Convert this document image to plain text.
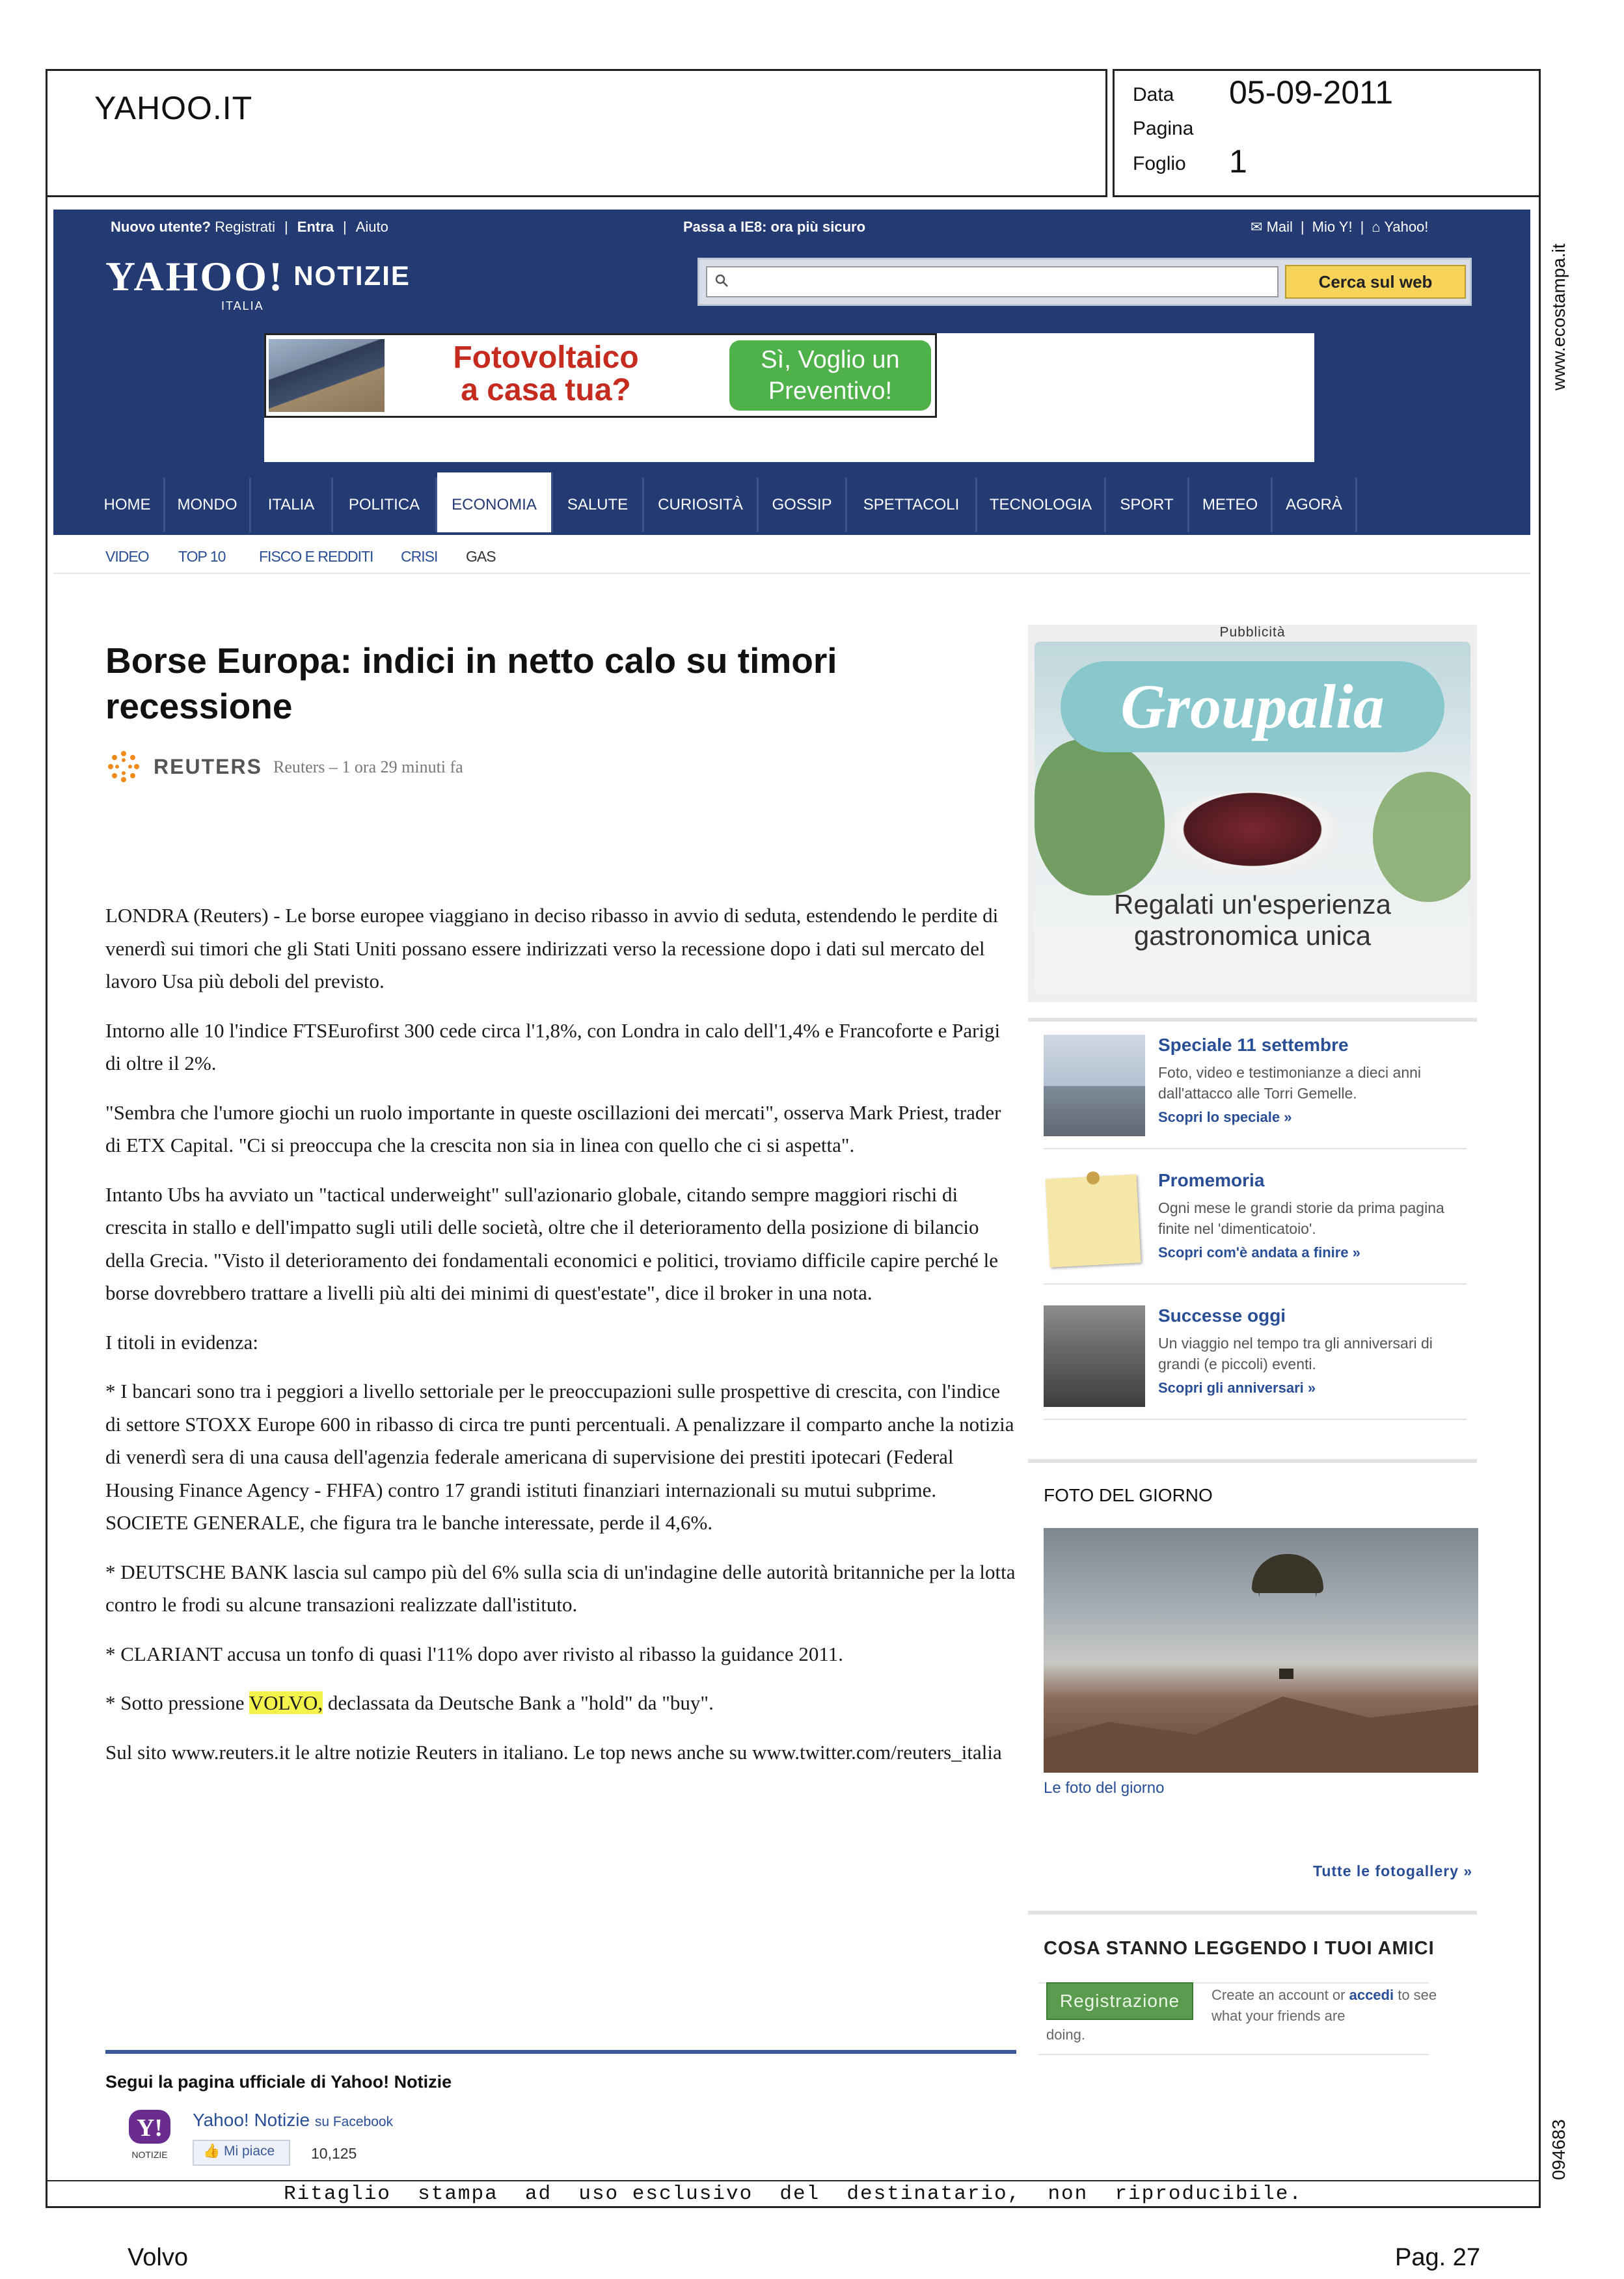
YAHOO.IT	Data 05-09-2011
Pagina
Foglio 1
www.ecostampa.it
094683
Nuovo utente? Registrati | Entra | Aiuto	Passa a IE8: ora più sicuro	✉ Mail | Mio Y! | ⌂ Yahoo!
YAHOO! NOTIZIE
ITALIA
Cerca sul web
Fotovoltaico
a casa tua?
Sì, Voglio un
Preventivo!
HOME	MONDO	ITALIA	POLITICA	ECONOMIA	SALUTE	CURIOSITÀ	GOSSIP	SPETTACOLI	TECNOLOGIA	SPORT	METEO	AGORÀ
VIDEO TOP 10 FISCO E REDDITI CRISI GAS
Borse Europa: indici in netto calo su timori recessione
REUTERS Reuters – 1 ora 29 minuti fa

LONDRA (Reuters) - Le borse europee viaggiano in deciso ribasso in avvio di seduta, estendendo le perdite di venerdì sui timori che gli Stati Uniti possano essere indirizzati verso la recessione dopo i dati sul mercato del lavoro Usa più deboli del previsto.

Intorno alle 10 l'indice FTSEurofirst 300 cede circa l'1,8%, con Londra in calo dell'1,4% e Francoforte e Parigi di oltre il 2%.

"Sembra che l'umore giochi un ruolo importante in queste oscillazioni dei mercati", osserva Mark Priest, trader di ETX Capital. "Ci si preoccupa che la crescita non sia in linea con quello che ci si aspetta".

Intanto Ubs ha avviato un "tactical underweight" sull'azionario globale, citando sempre maggiori rischi di crescita in stallo e dell'impatto sugli utili delle società, oltre che il deterioramento della posizione di bilancio della Grecia. "Visto il deterioramento dei fondamentali economici e politici, troviamo difficile capire perché le borse dovrebbero trattare a livelli più alti dei minimi di quest'estate", dice il broker in una nota.

I titoli in evidenza:

* I bancari sono tra i peggiori a livello settoriale per le preoccupazioni sulle prospettive di crescita, con l'indice di settore STOXX Europe 600 in ribasso di circa tre punti percentuali. A penalizzare il comparto anche la notizia di venerdì sera di una causa dell'agenzia federale americana di supervisione dei prestiti ipotecari (Federal Housing Finance Agency - FHFA) contro 17 grandi istituti finanziari internazionali su mutui subprime. SOCIETE GENERALE, che figura tra le banche interessate, perde il 4,6%.

* DEUTSCHE BANK lascia sul campo più del 6% sulla scia di un'indagine delle autorità britanniche per la lotta contro le frodi su alcune transazioni realizzate dall'istituto.

* CLARIANT accusa un tonfo di quasi l'11% dopo aver rivisto al ribasso la guidance 2011.

* Sotto pressione VOLVO, declassata da Deutsche Bank a "hold" da "buy".

Sul sito www.reuters.it le altre notizie Reuters in italiano. Le top news anche su www.twitter.com/reuters_italia

Segui la pagina ufficiale di Yahoo! Notizie
Y!
NOTIZIE
Yahoo! Notizie su Facebook
👍 Mi piace	10,125
Pubblicità
Groupalia
Regalati un'esperienza
gastronomica unica
Speciale 11 settembre
Foto, video e testimonianze a dieci anni dall'attacco alle Torri Gemelle.
Scopri lo speciale »
Promemoria
Ogni mese le grandi storie da prima pagina finite nel 'dimenticatoio'.
Scopri com'è andata a finire »
Successe oggi
Un viaggio nel tempo tra gli anniversari di grandi (e piccoli) eventi.
Scopri gli anniversari »
FOTO DEL GIORNO
Le foto del giorno
Tutte le fotogallery »
COSA STANNO LEGGENDO I TUOI AMICI
Registrazione	Create an account or accedi to see what your friends are
doing.
Ritaglio  stampa  ad  uso esclusivo  del  destinatario,  non  riproducibile.
Volvo	Pag. 27
